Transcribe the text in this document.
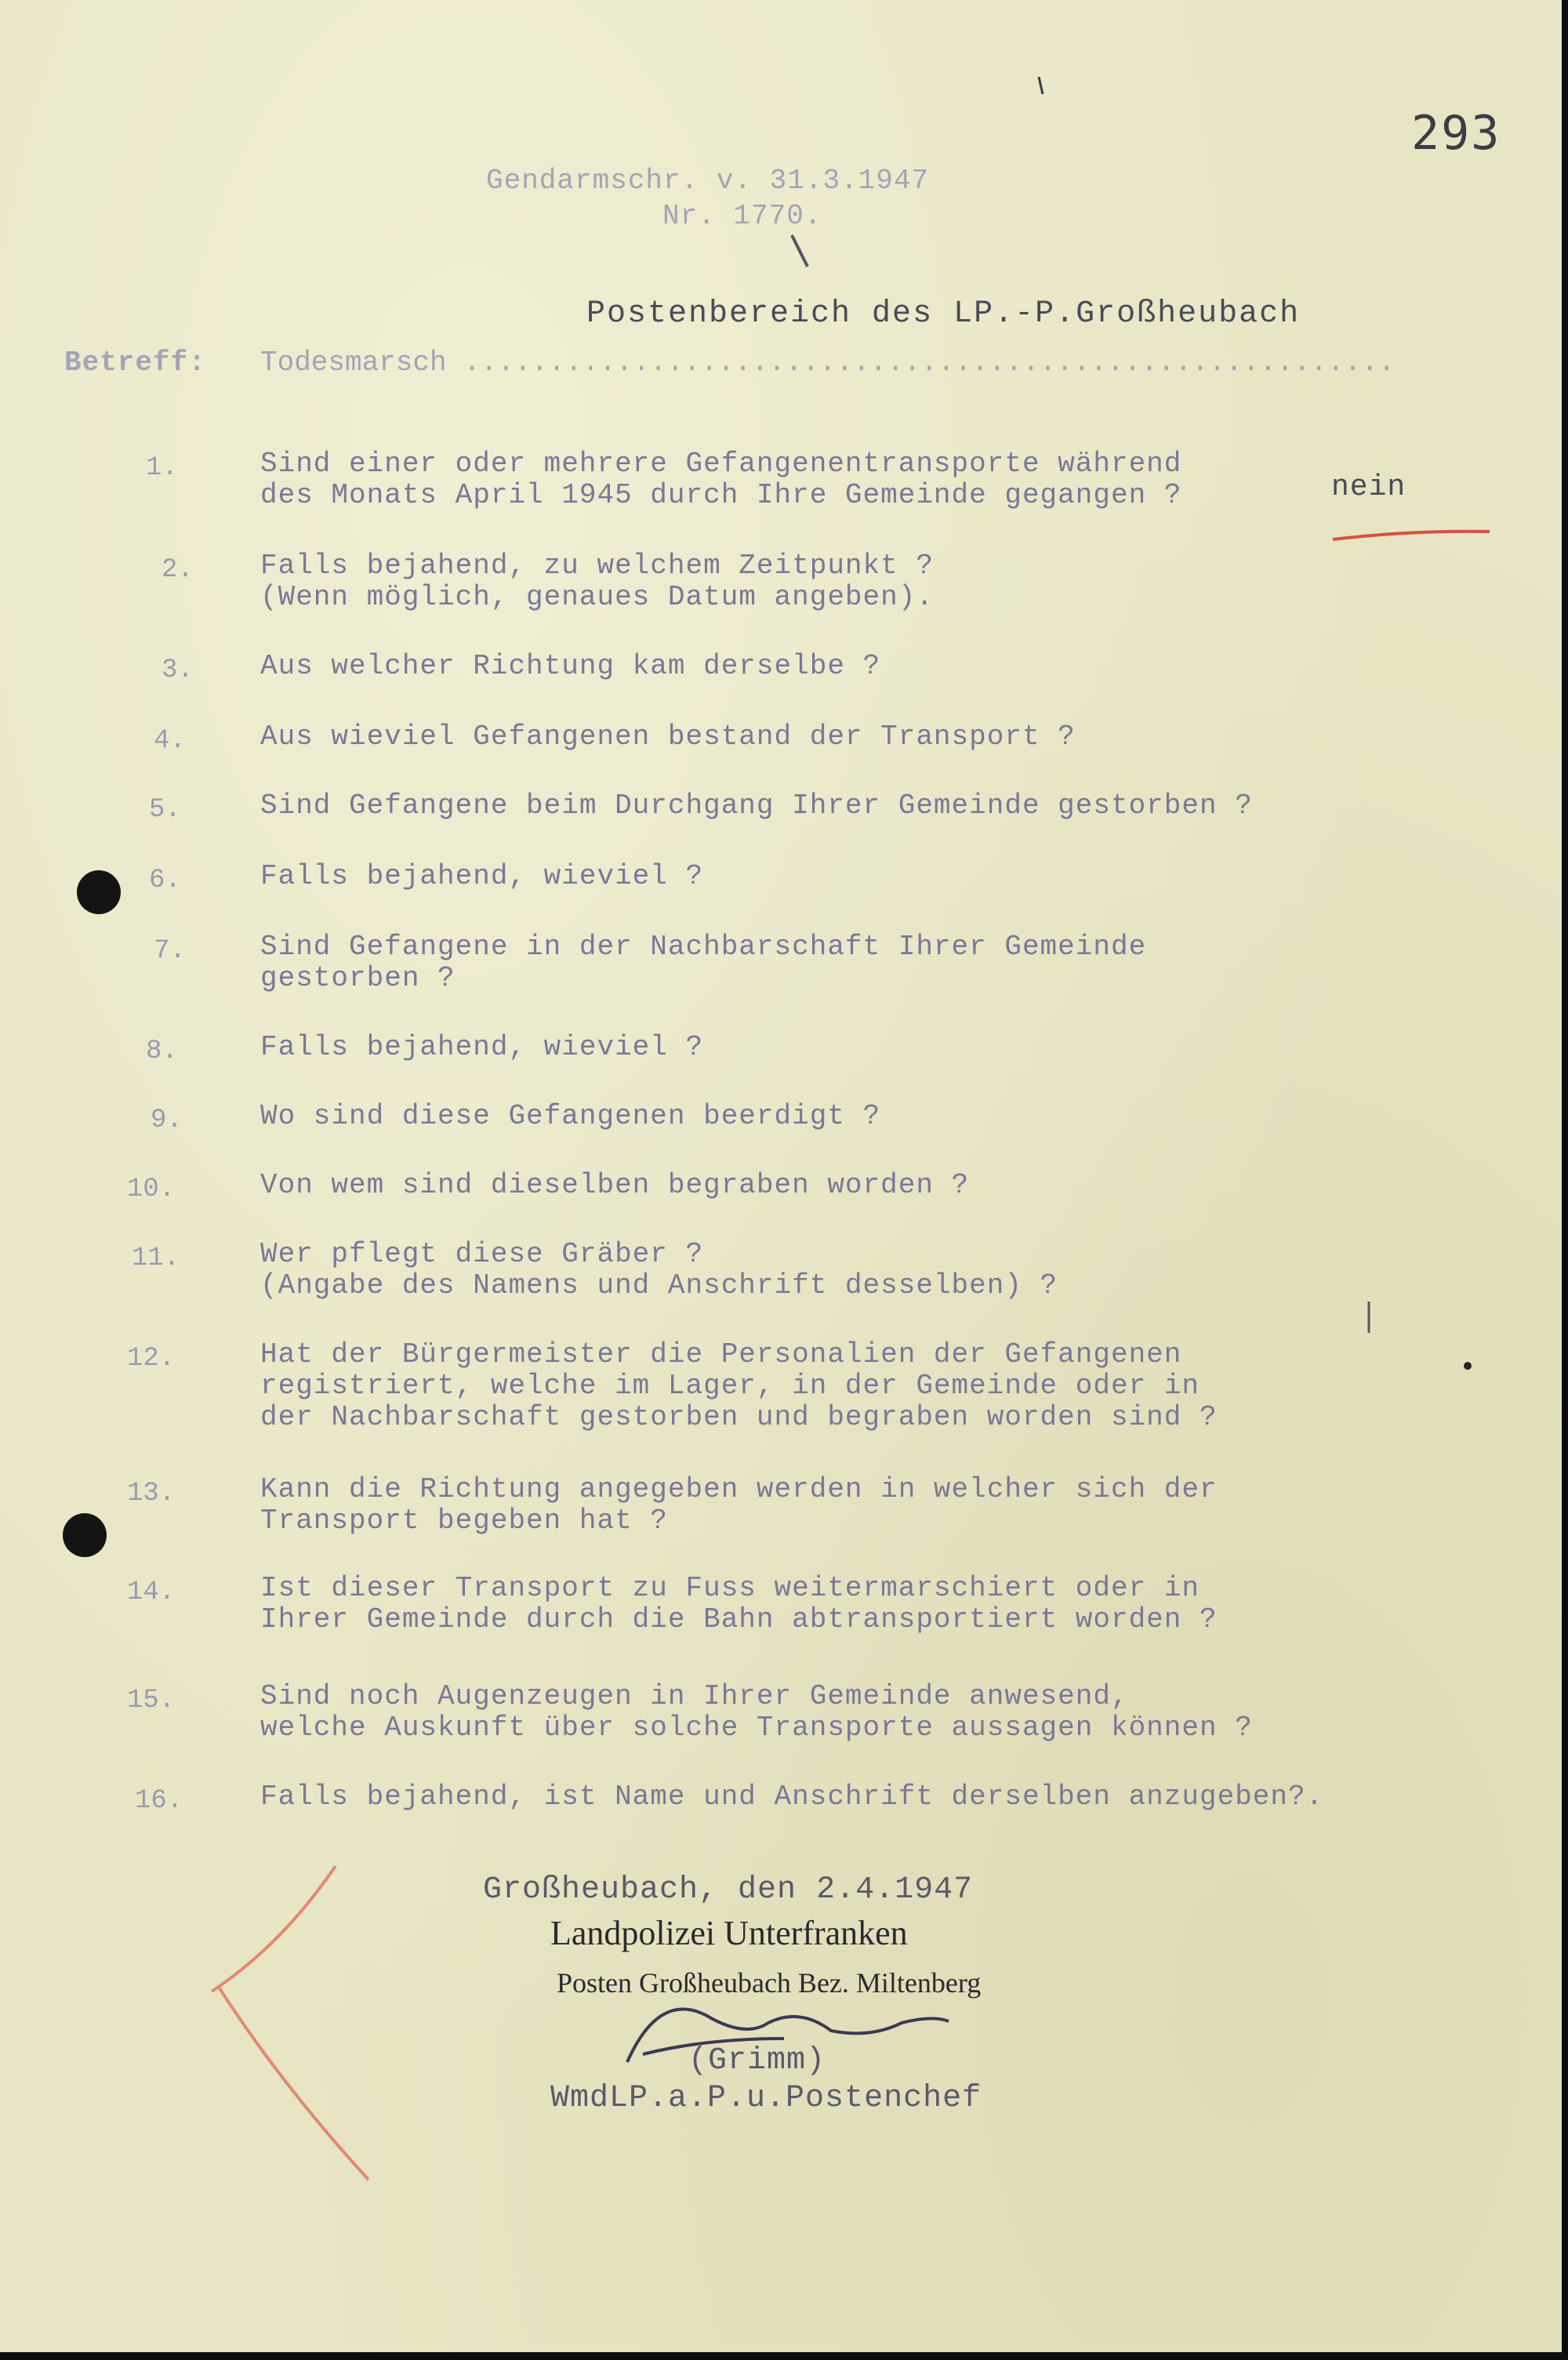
293
Gendarmschr. v. 31.3.1947
Nr. 1770.
Postenbereich des LP.-P.Großheubach
Betreff: Todesmarsch .......................................................
nein
1.	Sind einer oder mehrere Gefangenentransporte während
des Monats April 1945 durch Ihre Gemeinde gegangen ?
2. Falls bejahend, zu welchem Zeitpunkt ?
(Wenn möglich, genaues Datum angeben).
3. Aus welcher Richtung kam derselbe ?
4.	Aus wieviel Gefangenen bestand der Transport ?
5.	Sind Gefangene beim Durchgang Ihrer Gemeinde gestorben ?
6.	Falls bejahend, wieviel ?
7.	Sind Gefangene in der Nachbarschaft Ihrer Gemeinde
gestorben ?
8.	Falls bejahend, wieviel ?
9.	Wo sind diese Gefangenen beerdigt ?
10.	Von wem sind dieselben begraben worden ?
11.	Wer pflegt diese Gräber ?
(Angabe des Namens und Anschrift desselben) ?
12.	Hat der Bürgermeister die Personalien der Gefangenen
registriert, welche im Lager, in der Gemeinde oder in
der Nachbarschaft gestorben und begraben worden sind ?
13.	Kann die Richtung angegeben werden in welcher sich der
Transport begeben hat ?
14.	Ist dieser Transport zu Fuss weitermarschiert oder in
Ihrer Gemeinde durch die Bahn abtransportiert worden ?
15.	Sind noch Augenzeugen in Ihrer Gemeinde anwesend,
welche Auskunft über solche Transporte aussagen können ?
16.	Falls bejahend, ist Name und Anschrift derselben anzugeben?.
Großheubach, den 2.4.1947
Landpolizei Unterfranken
Posten Großheubach Bez. Miltenberg
(Grimm)
WmdLP.a.P.u.Postenchef
